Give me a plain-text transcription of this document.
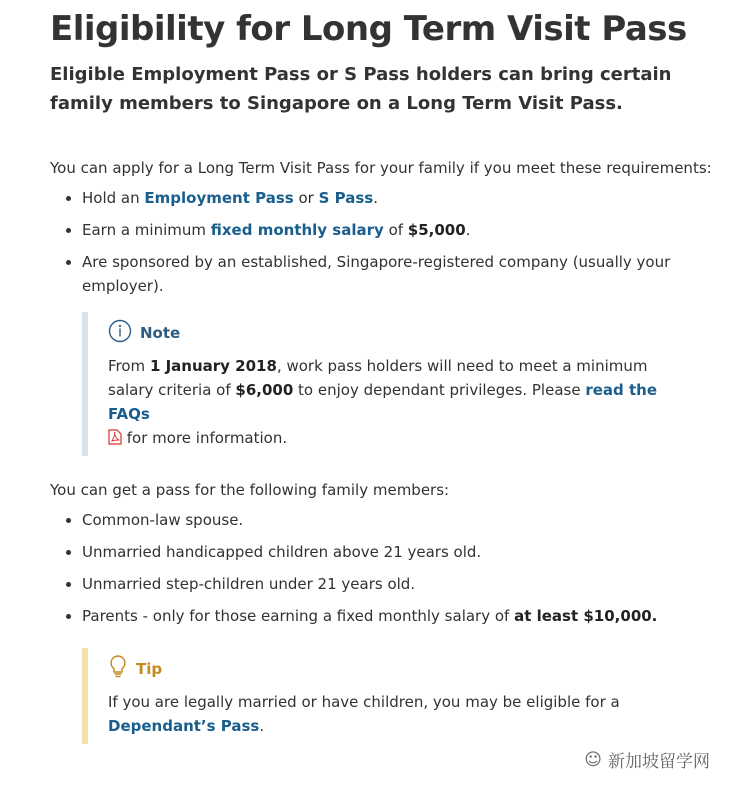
Eligibility for Long Term Visit Pass
Eligible Employment Pass or S Pass holders can bring certain family members to Singapore on a Long Term Visit Pass.

You can apply for a Long Term Visit Pass for your family if you meet these requirements:

• Hold an Employment Pass or S Pass.
• Earn a minimum fixed monthly salary of $5,000.
• Are sponsored by an established, Singapore-registered company (usually your employer).
Note

From 1 January 2018, work pass holders will need to meet a minimum salary criteria of $6,000 to enjoy dependant privileges. Please read the FAQs
for more information.

You can get a pass for the following family members:

• Common-law spouse.
• Unmarried handicapped children above 21 years old.
• Unmarried step-children under 21 years old.
• Parents - only for those earning a fixed monthly salary of at least $10,000.
Tip

If you are legally married or have children, you may be eligible for a
Dependant’s Pass.

☺ 新加坡留学网
